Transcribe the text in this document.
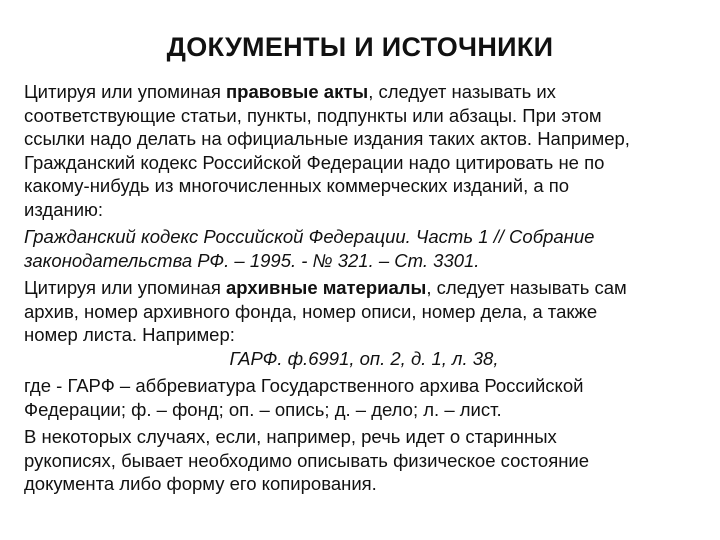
ДОКУМЕНТЫ И ИСТОЧНИКИ

Цитируя или упоминая правовые акты, следует называть их
соответствующие статьи, пункты, подпункты или абзацы. При этом
ссылки надо делать на официальные издания таких актов. Например,
Гражданский кодекс Российской Федерации надо цитировать не по
какому-нибудь из многочисленных коммерческих изданий, а по
изданию:

Гражданский кодекс Российской Федерации. Часть 1 // Собрание
законодательства РФ. – 1995. - № 321. – Ст. 3301.

Цитируя или упоминая архивные материалы, следует называть сам
архив, номер архивного фонда, номер описи, номер дела, а также
номер листа. Например:
ГАРФ. ф.6991, оп. 2, д. 1, л. 38,

где - ГАРФ – аббревиатура Государственного архива Российской
Федерации; ф. – фонд; оп. – опись; д. – дело; л. – лист.

В некоторых случаях, если, например, речь идет о старинных
рукописях, бывает необходимо описывать физическое состояние
документа либо форму его копирования.
